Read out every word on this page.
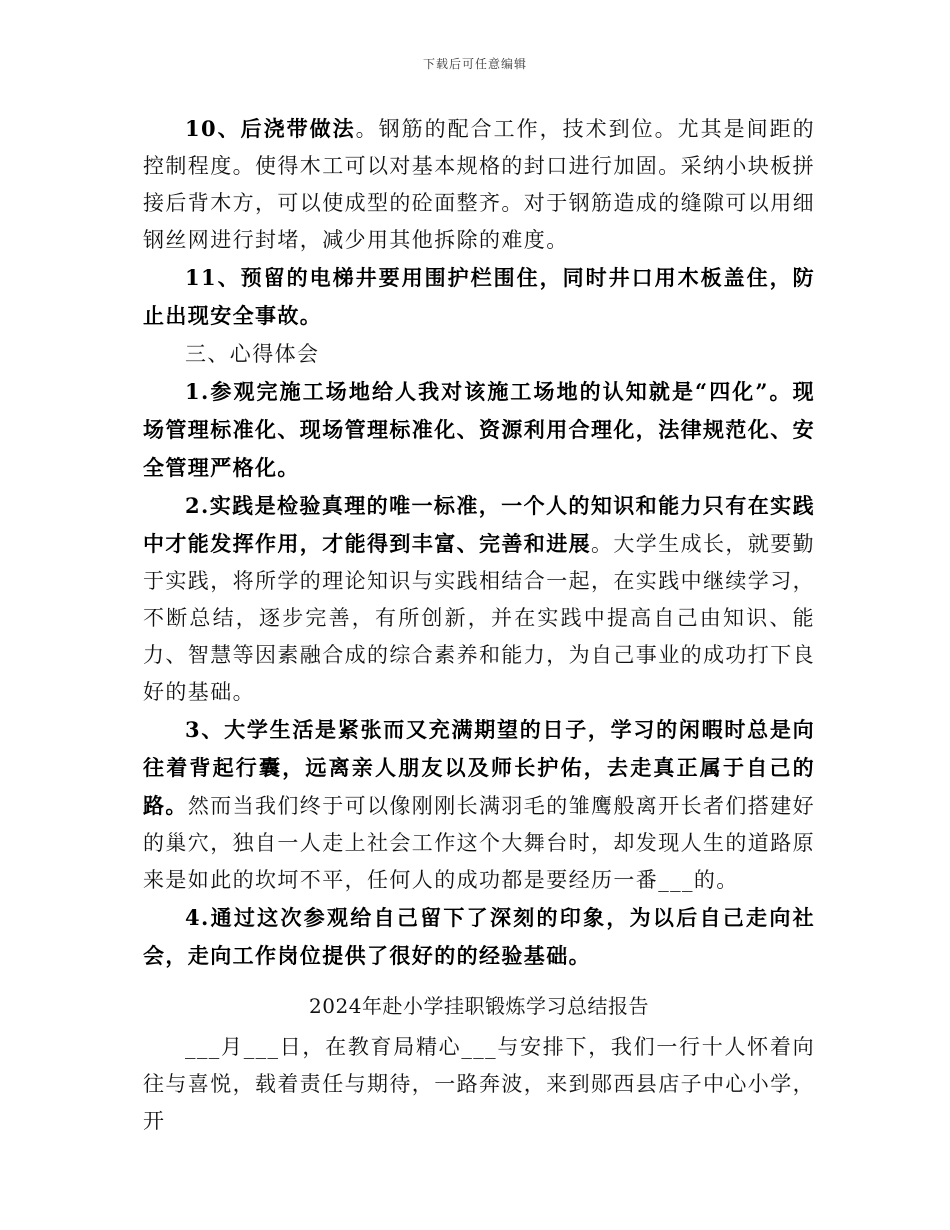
下载后可任意编辑

10、后浇带做法。钢筋的配合工作，技术到位。尤其是间距的控制程度。使得木工可以对基本规格的封口进行加固。采纳小块板拼接后背木方，可以使成型的砼面整齐。对于钢筋造成的缝隙可以用细钢丝网进行封堵，减少用其他拆除的难度。

11、预留的电梯井要用围护栏围住，同时井口用木板盖住，防止出现安全事故。

三、心得体会

1.参观完施工场地给人我对该施工场地的认知就是“四化”。现场管理标准化、现场管理标准化、资源利用合理化，法律规范化、安全管理严格化。

2.实践是检验真理的唯一标准，一个人的知识和能力只有在实践中才能发挥作用，才能得到丰富、完善和进展。大学生成长，就要勤于实践，将所学的理论知识与实践相结合一起，在实践中继续学习，不断总结，逐步完善，有所创新，并在实践中提高自己由知识、能力、智慧等因素融合成的综合素养和能力，为自己事业的成功打下良好的基础。

3、大学生活是紧张而又充满期望的日子，学习的闲暇时总是向往着背起行囊，远离亲人朋友以及师长护佑，去走真正属于自己的路。然而当我们终于可以像刚刚长满羽毛的雏鹰般离开长者们搭建好的巢穴，独自一人走上社会工作这个大舞台时，却发现人生的道路原来是如此的坎坷不平，任何人的成功都是要经历一番___的。

4.通过这次参观给自己留下了深刻的印象，为以后自己走向社会，走向工作岗位提供了很好的的经验基础。

2024年赴小学挂职锻炼学习总结报告

___月___日，在教育局精心___与安排下，我们一行十人怀着向往与喜悦，载着责任与期待，一路奔波，来到郧西县店子中心小学，开
